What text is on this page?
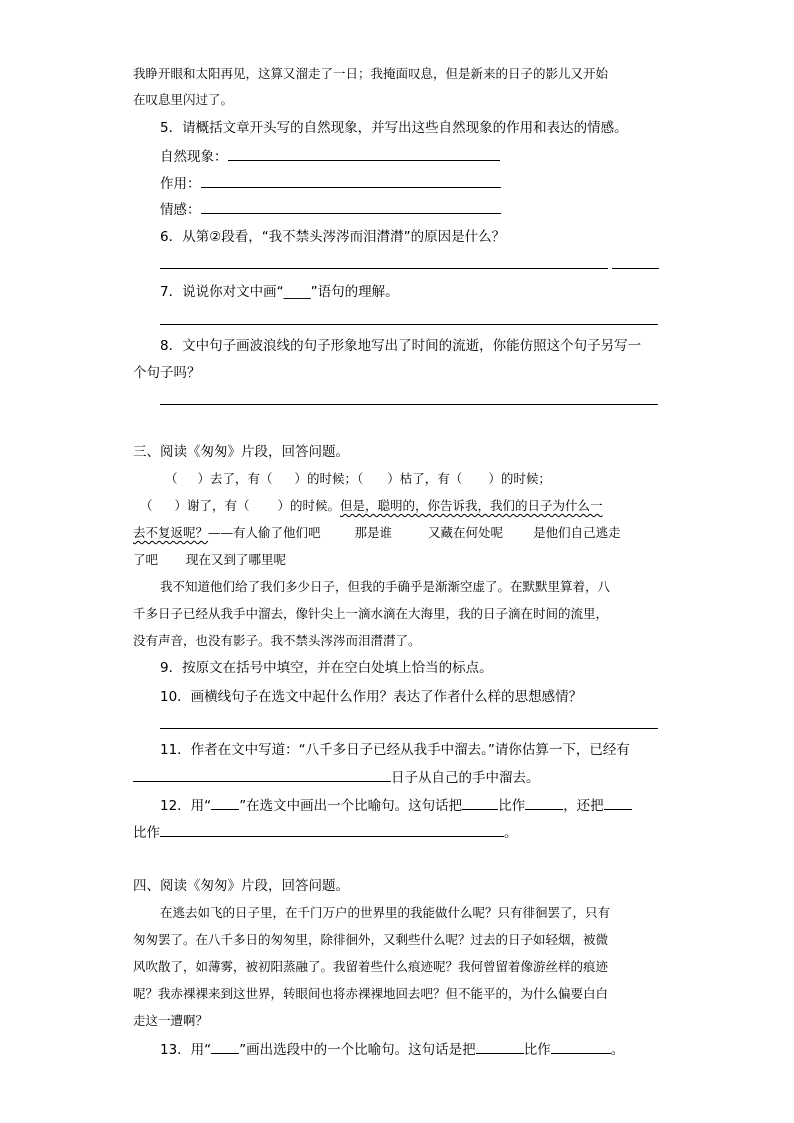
我睁开眼和太阳再见，这算又溜走了一日；我掩面叹息，但是新来的日子的影儿又开始
在叹息里闪过了。
5．请概括文章开头写的自然现象，并写出这些自然现象的作用和表达的情感。
自然现象：
作用：
情感：
6．从第②段看，“我不禁头涔涔而泪潸潸”的原因是什么？
7．说说你对文中画“____”语句的理解。
8．文中句子画波浪线的句子形象地写出了时间的流逝，你能仿照这个句子另写一
个句子吗？
三、阅读《匆匆》片段，回答问题。
（ ）去了，有（ ）的时候；（ ）枯了，有（ ）的时候；
（ ）谢了，有（ ）的时候。但是，聪明的，你告诉我，我们的日子为什么一
去不复返呢？——有人偷了他们吧	那是谁	又藏在何处呢 是他们自己逃走
了吧 现在又到了哪里呢
我不知道他们给了我们多少日子，但我的手确乎是渐渐空虚了。在默默里算着，八
千多日子已经从我手中溜去，像针尖上一滴水滴在大海里，我的日子滴在时间的流里，
没有声音，也没有影子。我不禁头涔涔而泪潸潸了。
9．按原文在括号中填空，并在空白处填上恰当的标点。
10．画横线句子在选文中起什么作用？表达了作者什么样的思想感情？
11．作者在文中写道：“八千多日子已经从我手中溜去。”请你估算一下，已经有
日子从自己的手中溜去。
12．用“ ”在选文中画出一个比喻句。这句话把	比作	，还把
比作	。
四、阅读《匆匆》片段，回答问题。
在逃去如飞的日子里，在千门万户的世界里的我能做什么呢？只有徘徊罢了，只有
匆匆罢了。在八千多日的匆匆里，除徘徊外，又剩些什么呢？过去的日子如轻烟，被微
风吹散了，如薄雾，被初阳蒸融了。我留着些什么痕迹呢？我何曾留着像游丝样的痕迹
呢？我赤裸裸来到这世界，转眼间也将赤裸裸地回去吧？但不能平的，为什么偏要白白
走这一遭啊？
13．用“ ”画出选段中的一个比喻句。这句话是把	比作	。
